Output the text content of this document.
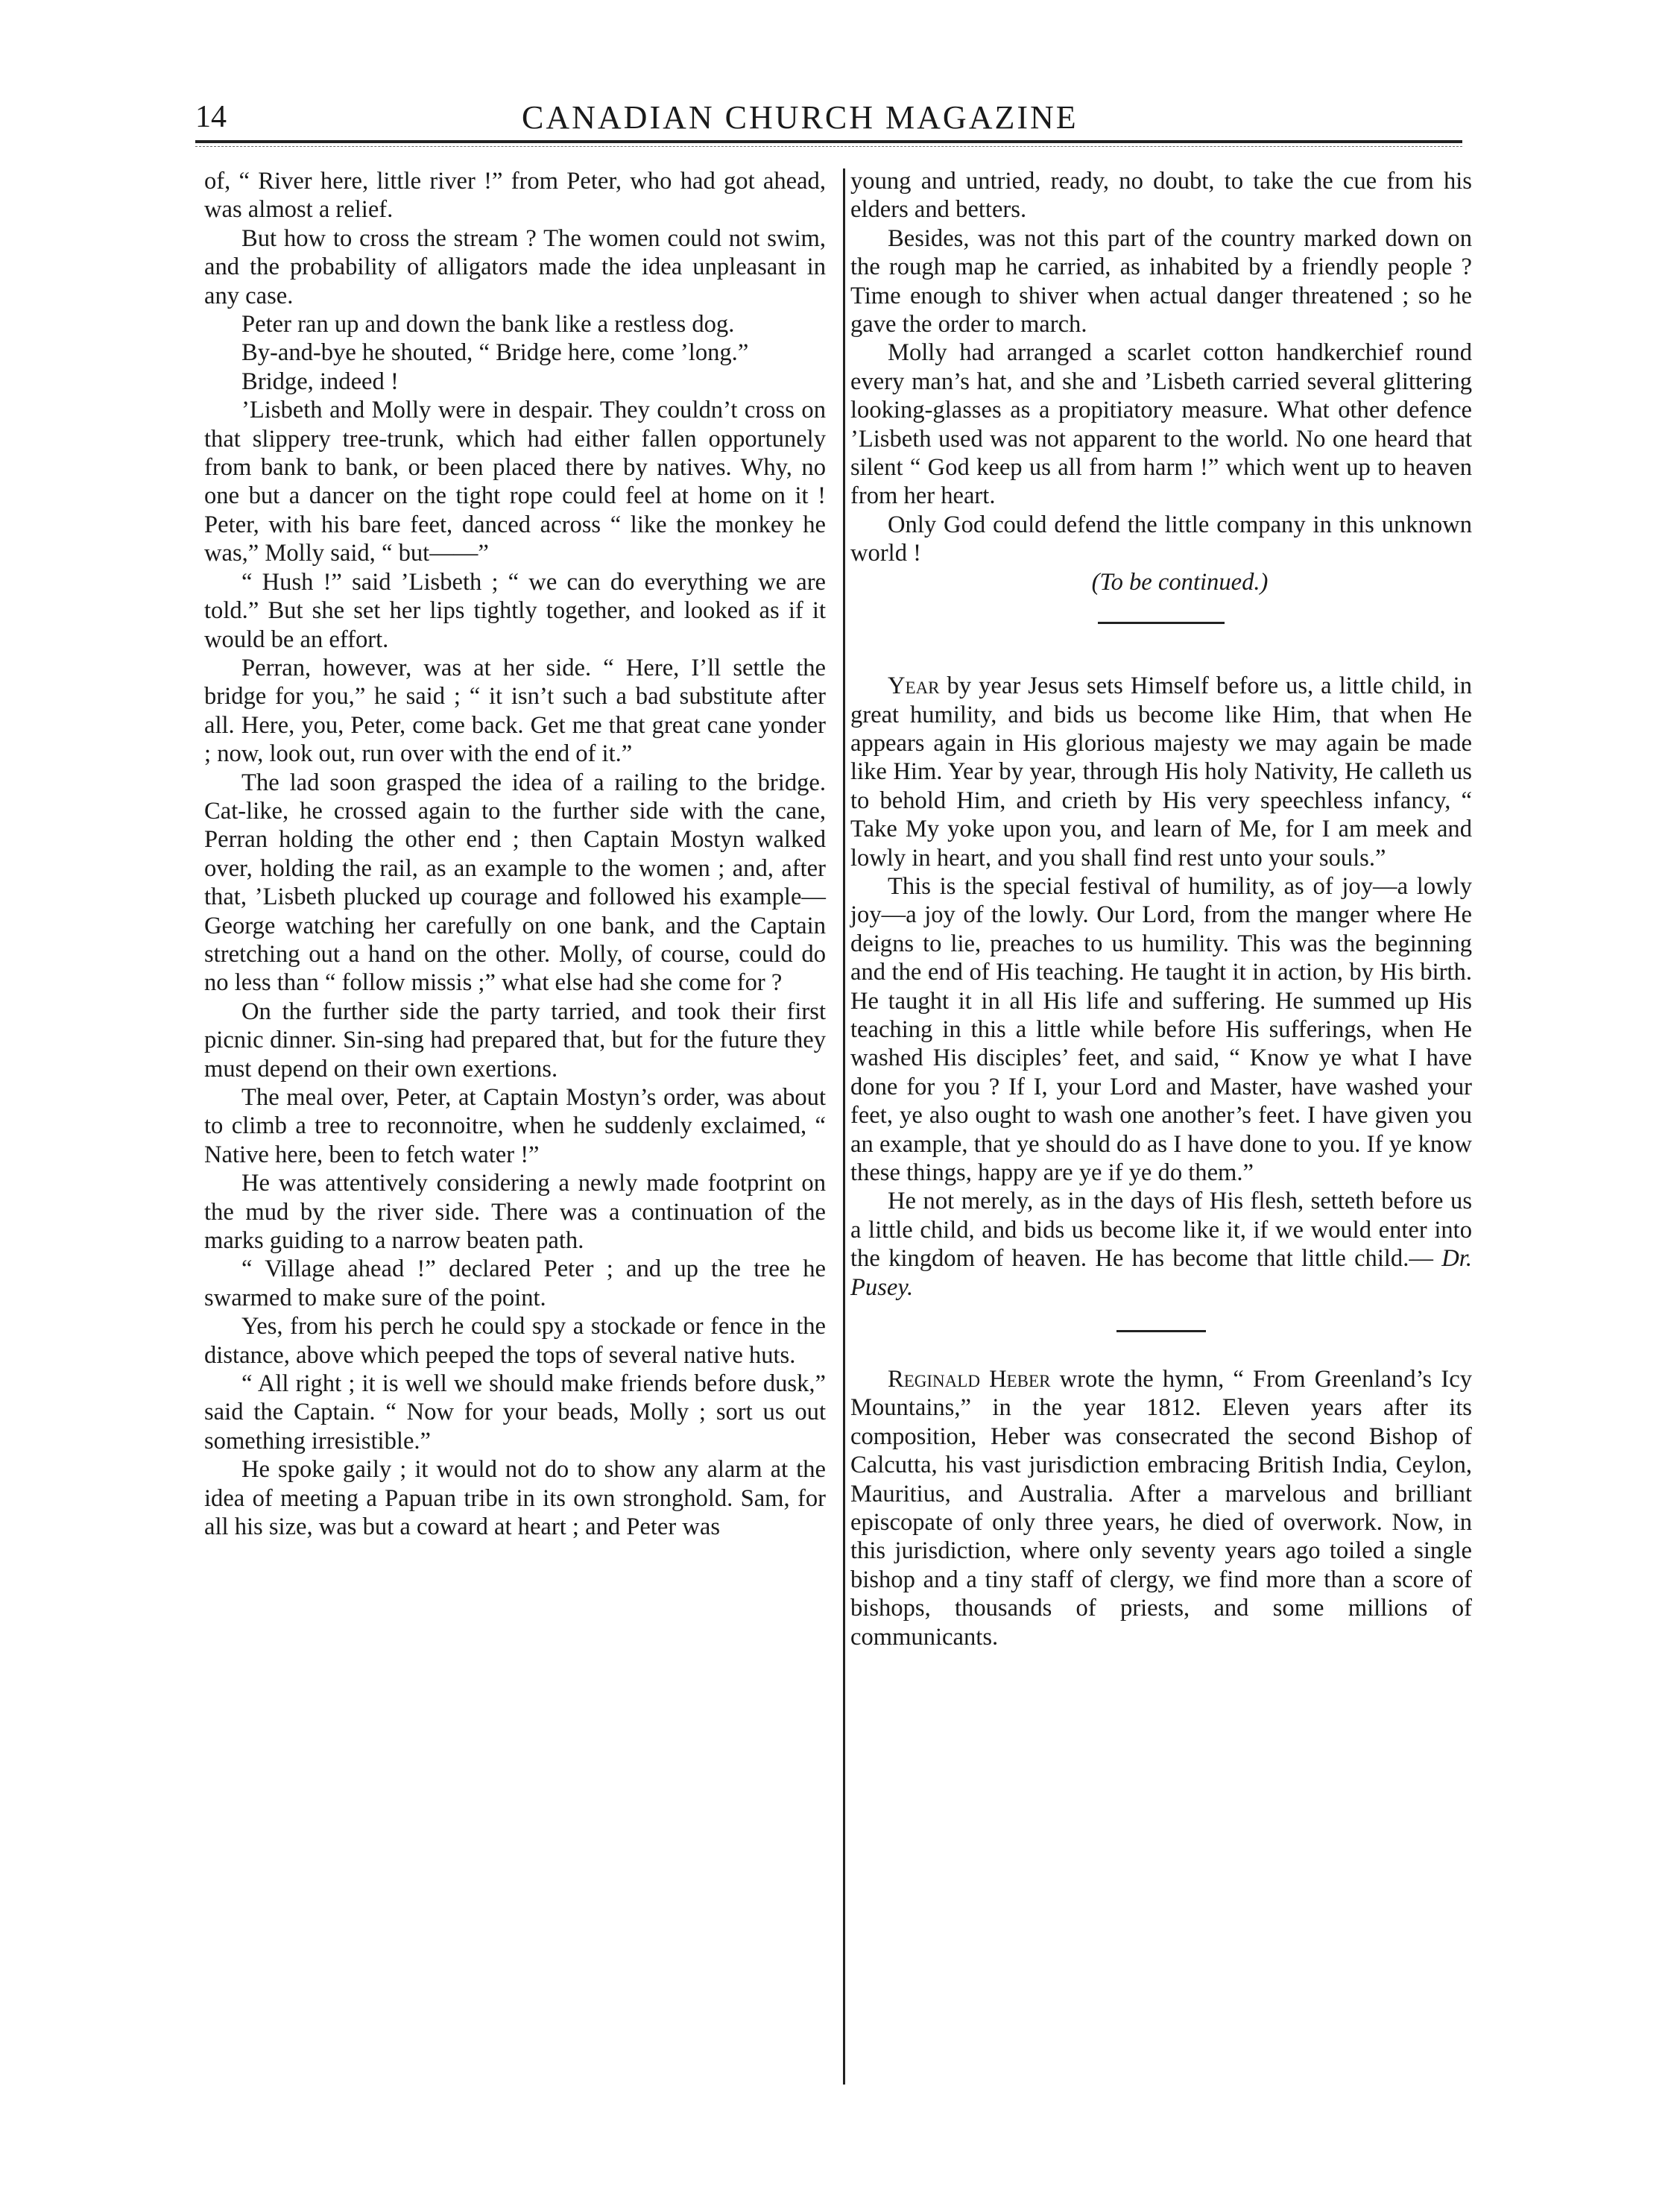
14	CANADIAN CHURCH MAGAZINE

of, “ River here, little river !” from Peter, who had got ahead, was almost a relief.

But how to cross the stream ? The women could not swim, and the probability of alligators made the idea unpleasant in any case.

Peter ran up and down the bank like a restless dog.

By-and-bye he shouted, “ Bridge here, come ’long.”

Bridge, indeed !

’Lisbeth and Molly were in despair. They couldn’t cross on that slippery tree-trunk, which had either fallen opportunely from bank to bank, or been placed there by natives. Why, no one but a dancer on the tight rope could feel at home on it ! Peter, with his bare feet, danced across “ like the monkey he was,” Molly said, “ but——”

“ Hush !” said ’Lisbeth ; “ we can do everything we are told.” But she set her lips tightly together, and looked as if it would be an effort.

Perran, however, was at her side. “ Here, I’ll settle the bridge for you,” he said ; “ it isn’t such a bad substitute after all. Here, you, Peter, come back. Get me that great cane yonder ; now, look out, run over with the end of it.”

The lad soon grasped the idea of a railing to the bridge. Cat-like, he crossed again to the further side with the cane, Perran holding the other end ; then Captain Mostyn walked over, holding the rail, as an example to the women ; and, after that, ’Lisbeth plucked up courage and followed his example—George watching her carefully on one bank, and the Captain stretching out a hand on the other. Molly, of course, could do no less than “ follow missis ;” what else had she come for ?

On the further side the party tarried, and took their first picnic dinner. Sin-sing had prepared that, but for the future they must depend on their own exertions.

The meal over, Peter, at Captain Mostyn’s order, was about to climb a tree to reconnoitre, when he suddenly exclaimed, “ Native here, been to fetch water !”

He was attentively considering a newly made footprint on the mud by the river side. There was a continuation of the marks guiding to a narrow beaten path.

“ Village ahead !” declared Peter ; and up the tree he swarmed to make sure of the point.

Yes, from his perch he could spy a stockade or fence in the distance, above which peeped the tops of several native huts.

“ All right ; it is well we should make friends before dusk,” said the Captain. “ Now for your beads, Molly ; sort us out something irresistible.”

He spoke gaily ; it would not do to show any alarm at the idea of meeting a Papuan tribe in its own stronghold. Sam, for all his size, was but a coward at heart ; and Peter was

young and untried, ready, no doubt, to take the cue from his elders and betters.

Besides, was not this part of the country marked down on the rough map he carried, as inhabited by a friendly people ? Time enough to shiver when actual danger threatened ; so he gave the order to march.

Molly had arranged a scarlet cotton handkerchief round every man’s hat, and she and ’Lisbeth carried several glittering looking-glasses as a propitiatory measure. What other defence ’Lisbeth used was not apparent to the world. No one heard that silent “ God keep us all from harm !” which went up to heaven from her heart.

Only God could defend the little company in this unknown world !

(To be continued.)

Year by year Jesus sets Himself before us, a little child, in great humility, and bids us become like Him, that when He appears again in His glorious majesty we may again be made like Him. Year by year, through His holy Nativity, He calleth us to behold Him, and crieth by His very speechless infancy, “ Take My yoke upon you, and learn of Me, for I am meek and lowly in heart, and you shall find rest unto your souls.”

This is the special festival of humility, as of joy—a lowly joy—a joy of the lowly. Our Lord, from the manger where He deigns to lie, preaches to us humility. This was the beginning and the end of His teaching. He taught it in action, by His birth. He taught it in all His life and suffering. He summed up His teaching in this a little while before His sufferings, when He washed His disciples’ feet, and said, “ Know ye what I have done for you ? If I, your Lord and Master, have washed your feet, ye also ought to wash one another’s feet. I have given you an example, that ye should do as I have done to you. If ye know these things, happy are ye if ye do them.”

He not merely, as in the days of His flesh, setteth before us a little child, and bids us become like it, if we would enter into the kingdom of heaven. He has become that little child.— Dr. Pusey.

Reginald Heber wrote the hymn, “ From Greenland’s Icy Mountains,” in the year 1812. Eleven years after its composition, Heber was consecrated the second Bishop of Calcutta, his vast jurisdiction embracing British India, Ceylon, Mauritius, and Australia. After a marvelous and brilliant episcopate of only three years, he died of overwork. Now, in this jurisdiction, where only seventy years ago toiled a single bishop and a tiny staff of clergy, we find more than a score of bishops, thousands of priests, and some millions of communicants.
